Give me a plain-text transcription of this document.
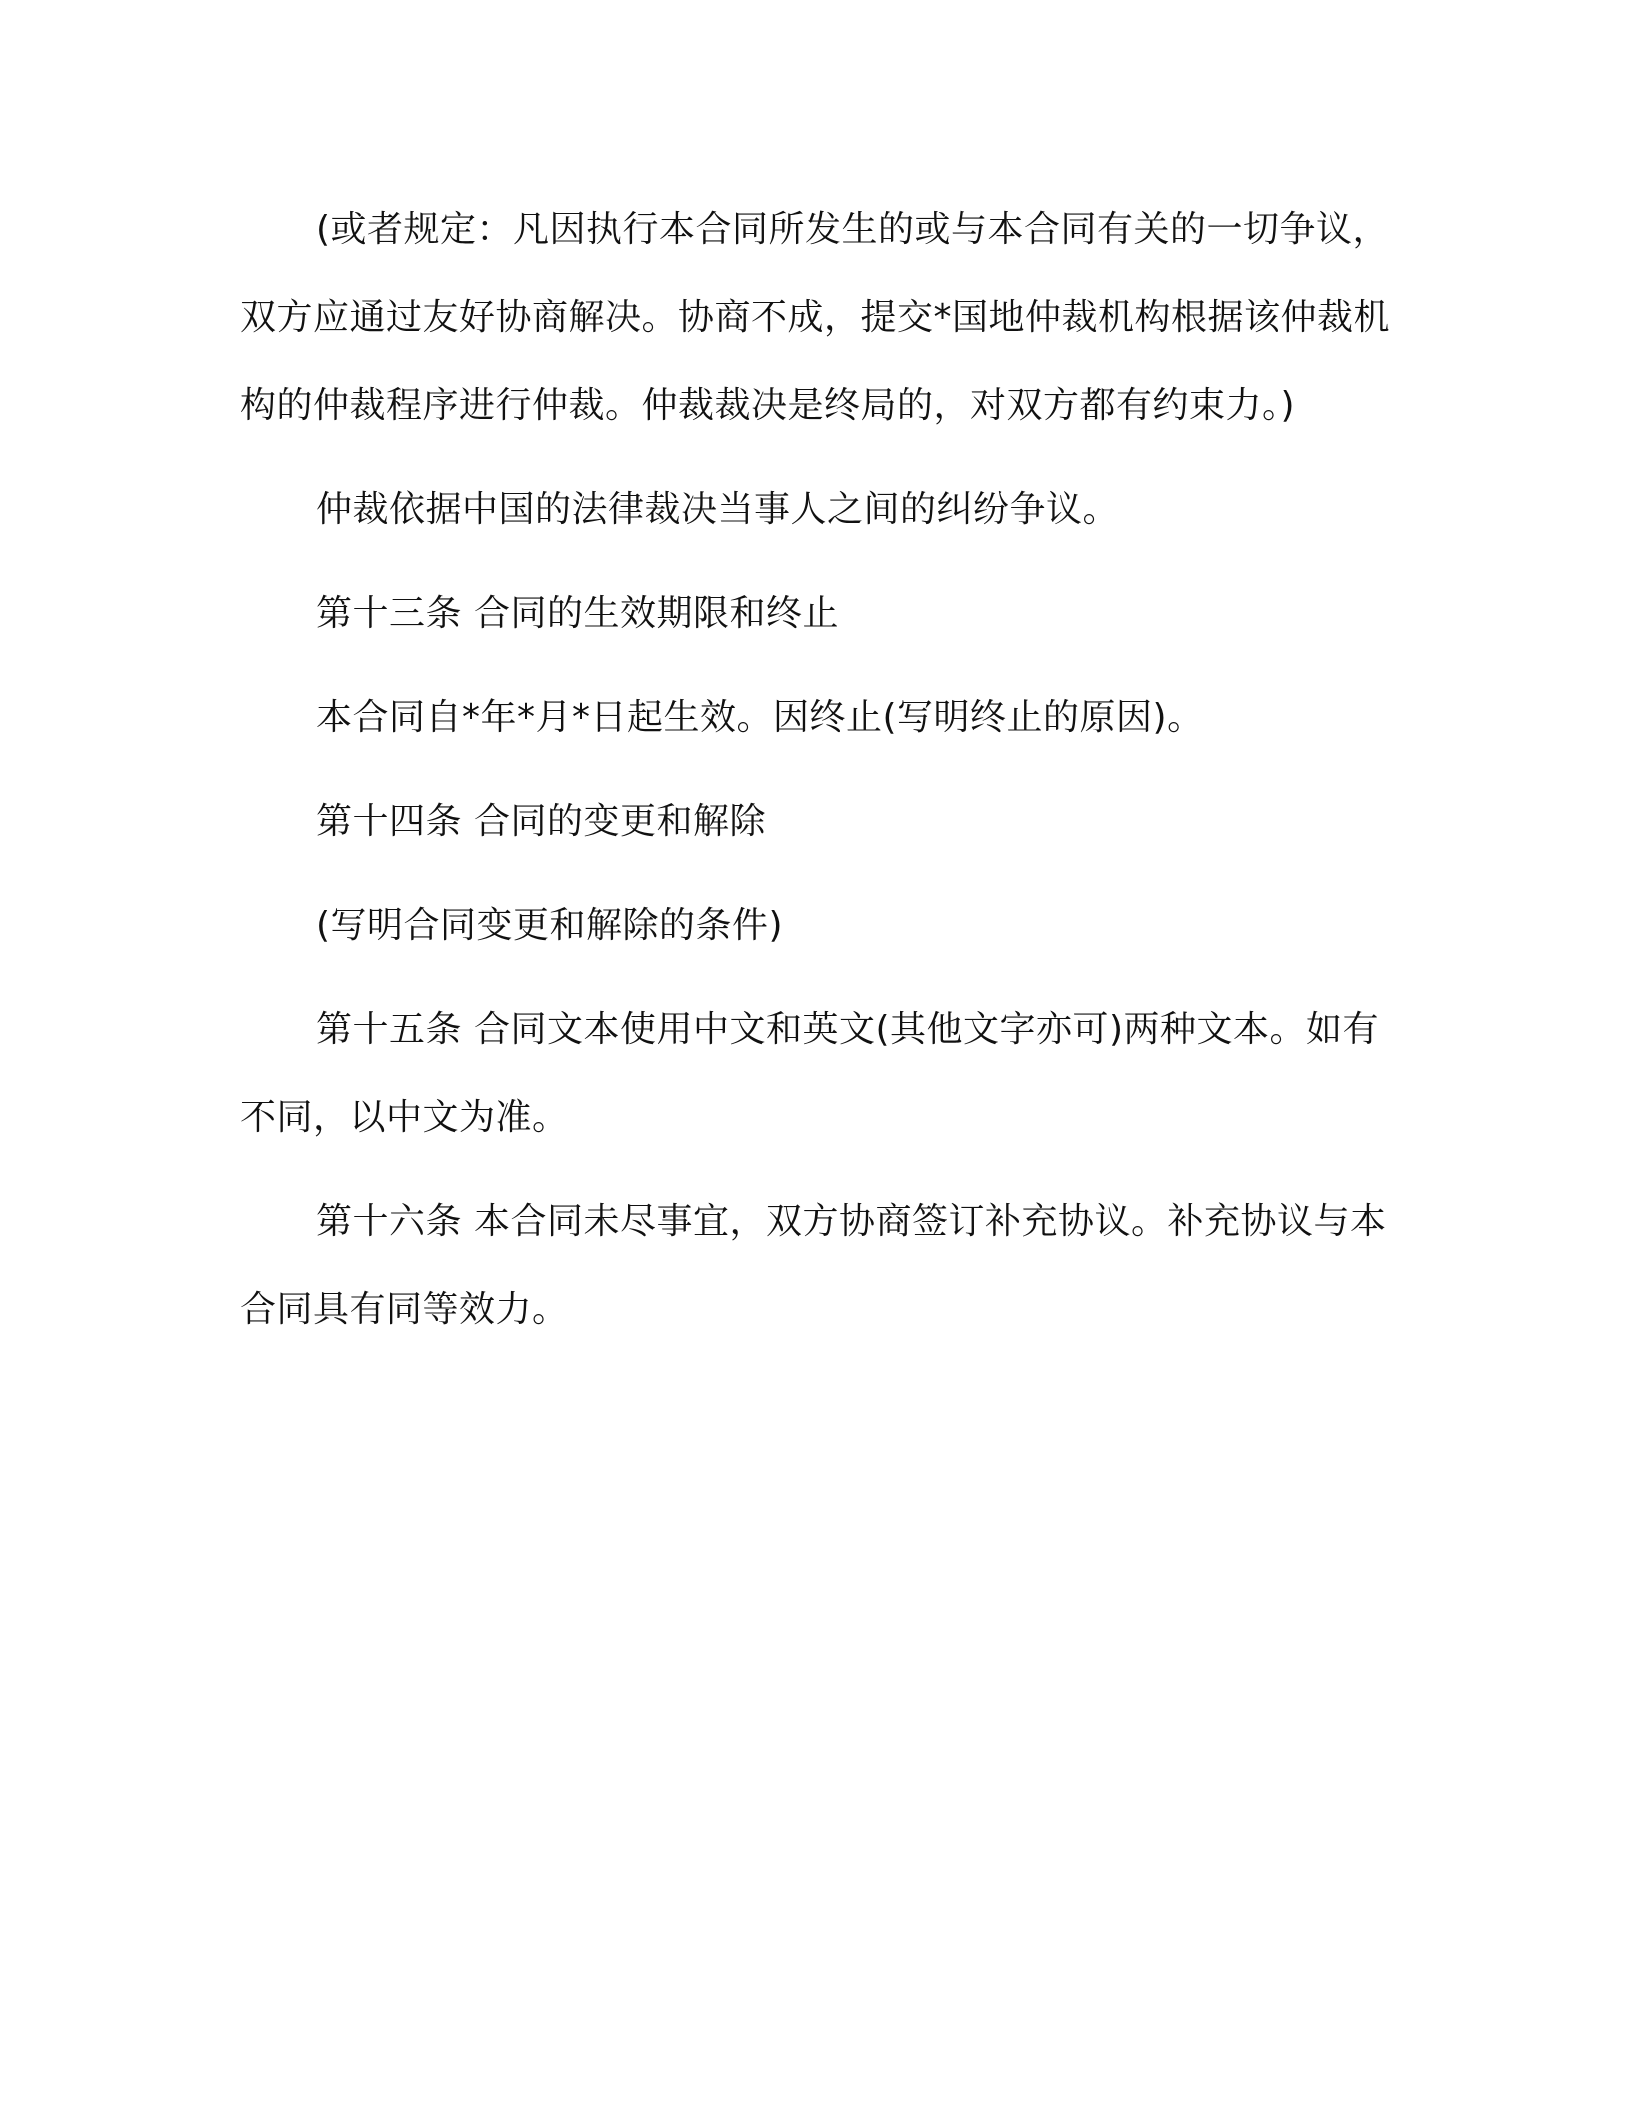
(或者规定：凡因执行本合同所发生的或与本合同有关的一切争议，双方应通过友好协商解决。协商不成，提交*国地仲裁机构根据该仲裁机构的仲裁程序进行仲裁。仲裁裁决是终局的，对双方都有约束力。)

仲裁依据中国的法律裁决当事人之间的纠纷争议。

第十三条 合同的生效期限和终止

本合同自*年*月*日起生效。因终止(写明终止的原因)。

第十四条 合同的变更和解除

(写明合同变更和解除的条件)

第十五条 合同文本使用中文和英文(其他文字亦可)两种文本。如有不同，以中文为准。

第十六条 本合同未尽事宜，双方协商签订补充协议。补充协议与本合同具有同等效力。
